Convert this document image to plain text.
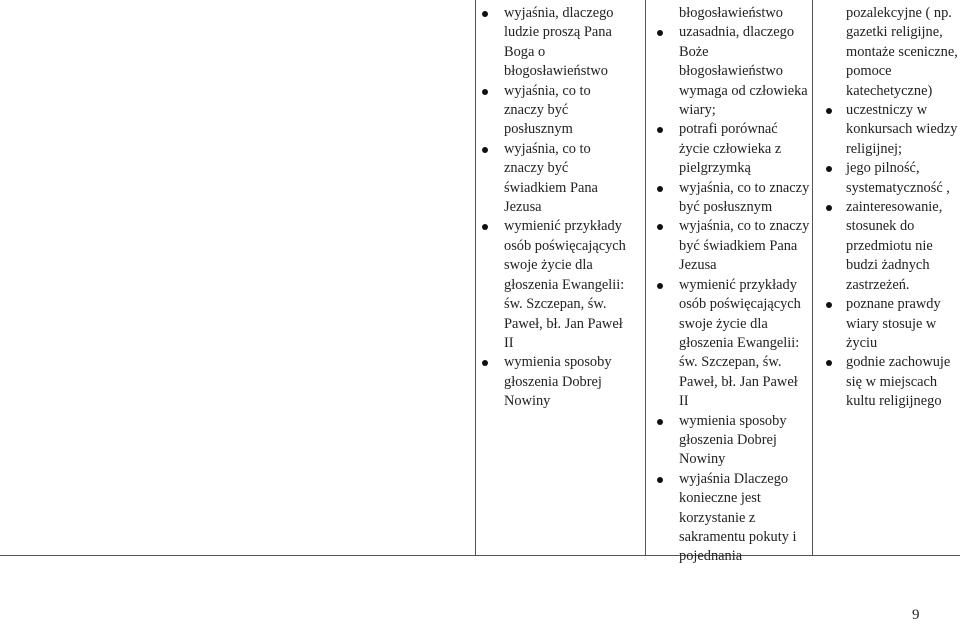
wyjaśnia, dlaczego ludzie proszą Pana Boga o błogosławieństwo
wyjaśnia, co to znaczy być posłusznym
wyjaśnia, co to znaczy być świadkiem Pana Jezusa
wymienić przykłady osób poświęcających swoje życie dla głoszenia Ewangelii: św. Szczepan, św. Paweł, bł. Jan Paweł II
wymienia sposoby głoszenia Dobrej Nowiny
błogosławieństwo
uzasadnia, dlaczego Boże błogosławieństwo wymaga od człowieka wiary;
potrafi porównać życie człowieka z pielgrzymką
wyjaśnia, co to znaczy być posłusznym
wyjaśnia, co to znaczy być świadkiem Pana Jezusa
wymienić przykłady osób poświęcających swoje życie dla głoszenia Ewangelii: św. Szczepan, św. Paweł, bł. Jan Paweł II
wymienia sposoby głoszenia Dobrej Nowiny
wyjaśnia Dlaczego konieczne jest korzystanie z sakramentu pokuty i pojednania
pozalekcyjne ( np. gazetki religijne, montaże sceniczne, pomoce katechetyczne)
uczestniczy w konkursach wiedzy religijnej;
jego pilność, systematyczność ,
zainteresowanie, stosunek do przedmiotu nie budzi żadnych zastrzeżeń.
poznane prawdy wiary stosuje w życiu
godnie zachowuje się w miejscach kultu religijnego
9
